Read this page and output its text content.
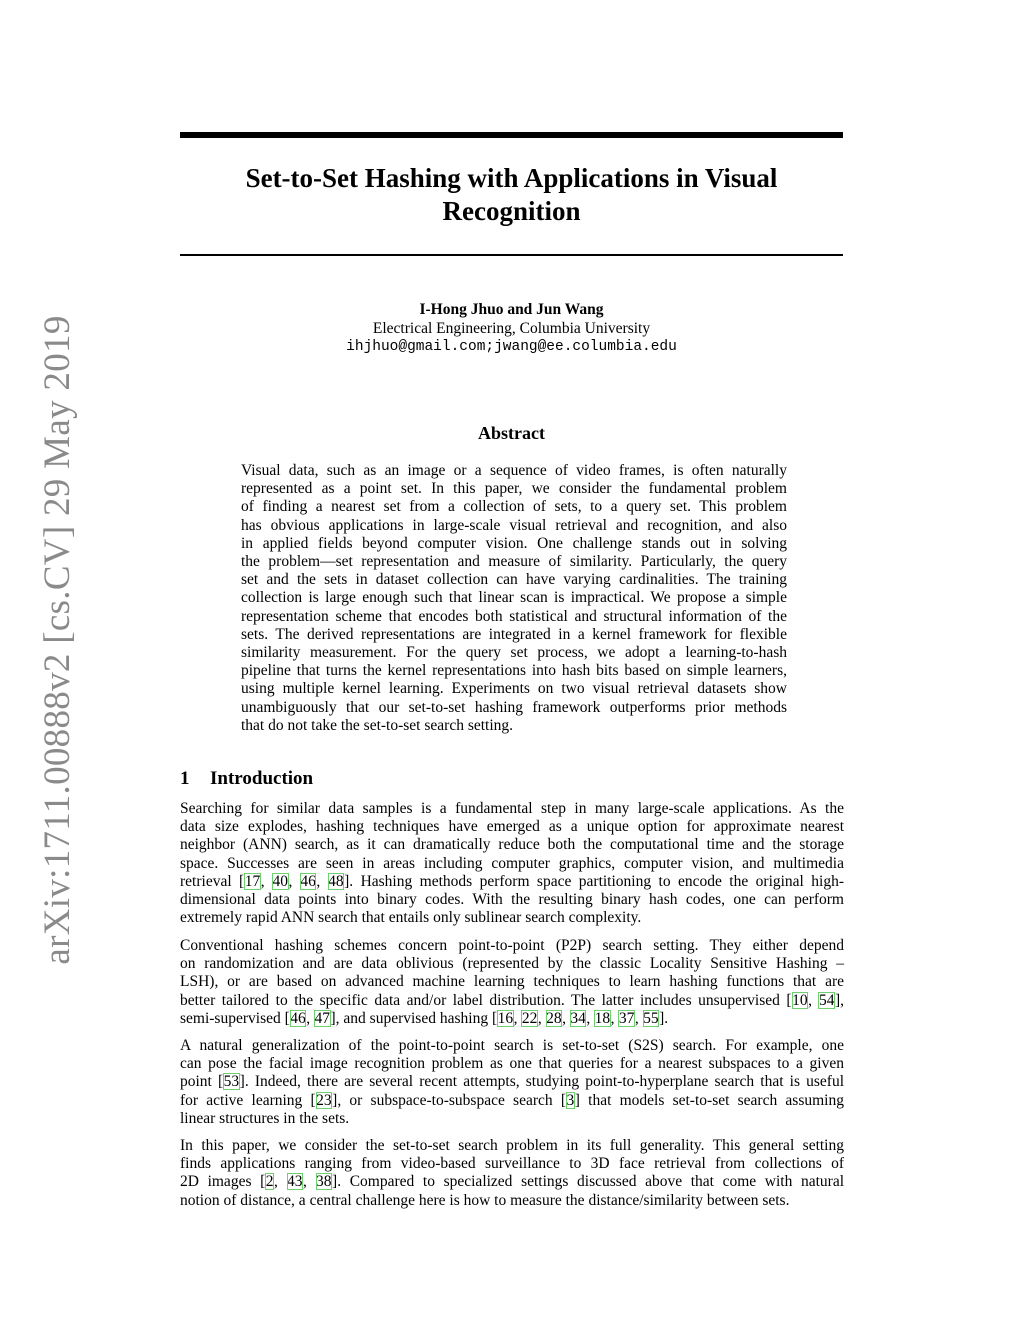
arXiv:1711.00888v2 [cs.CV] 29 May 2019
Set-to-Set Hashing with Applications in Visual
Recognition
I-Hong Jhuo and Jun Wang
Electrical Engineering, Columbia University
ihjhuo@gmail.com;jwang@ee.columbia.edu
Abstract
Visual data, such as an image or a sequence of video frames, is often naturally
represented as a point set. In this paper, we consider the fundamental problem
of finding a nearest set from a collection of sets, to a query set. This problem
has obvious applications in large-scale visual retrieval and recognition, and also
in applied fields beyond computer vision. One challenge stands out in solving
the problem—set representation and measure of similarity. Particularly, the query
set and the sets in dataset collection can have varying cardinalities. The training
collection is large enough such that linear scan is impractical. We propose a simple
representation scheme that encodes both statistical and structural information of the
sets. The derived representations are integrated in a kernel framework for flexible
similarity measurement. For the query set process, we adopt a learning-to-hash
pipeline that turns the kernel representations into hash bits based on simple learners,
using multiple kernel learning. Experiments on two visual retrieval datasets show
unambiguously that our set-to-set hashing framework outperforms prior methods
that do not take the set-to-set search setting.
1 Introduction
Searching for similar data samples is a fundamental step in many large-scale applications. As the
data size explodes, hashing techniques have emerged as a unique option for approximate nearest
neighbor (ANN) search, as it can dramatically reduce both the computational time and the storage
space. Successes are seen in areas including computer graphics, computer vision, and multimedia
retrieval [17, 40, 46, 48]. Hashing methods perform space partitioning to encode the original high-
dimensional data points into binary codes. With the resulting binary hash codes, one can perform
extremely rapid ANN search that entails only sublinear search complexity.
Conventional hashing schemes concern point-to-point (P2P) search setting. They either depend
on randomization and are data oblivious (represented by the classic Locality Sensitive Hashing –
LSH), or are based on advanced machine learning techniques to learn hashing functions that are
better tailored to the specific data and/or label distribution. The latter includes unsupervised [10, 54],
semi-supervised [46, 47], and supervised hashing [16, 22, 28, 34, 18, 37, 55].
A natural generalization of the point-to-point search is set-to-set (S2S) search. For example, one
can pose the facial image recognition problem as one that queries for a nearest subspaces to a given
point [53]. Indeed, there are several recent attempts, studying point-to-hyperplane search that is useful
for active learning [23], or subspace-to-subspace search [3] that models set-to-set search assuming
linear structures in the sets.
In this paper, we consider the set-to-set search problem in its full generality. This general setting
finds applications ranging from video-based surveillance to 3D face retrieval from collections of
2D images [2, 43, 38]. Compared to specialized settings discussed above that come with natural
notion of distance, a central challenge here is how to measure the distance/similarity between sets.
